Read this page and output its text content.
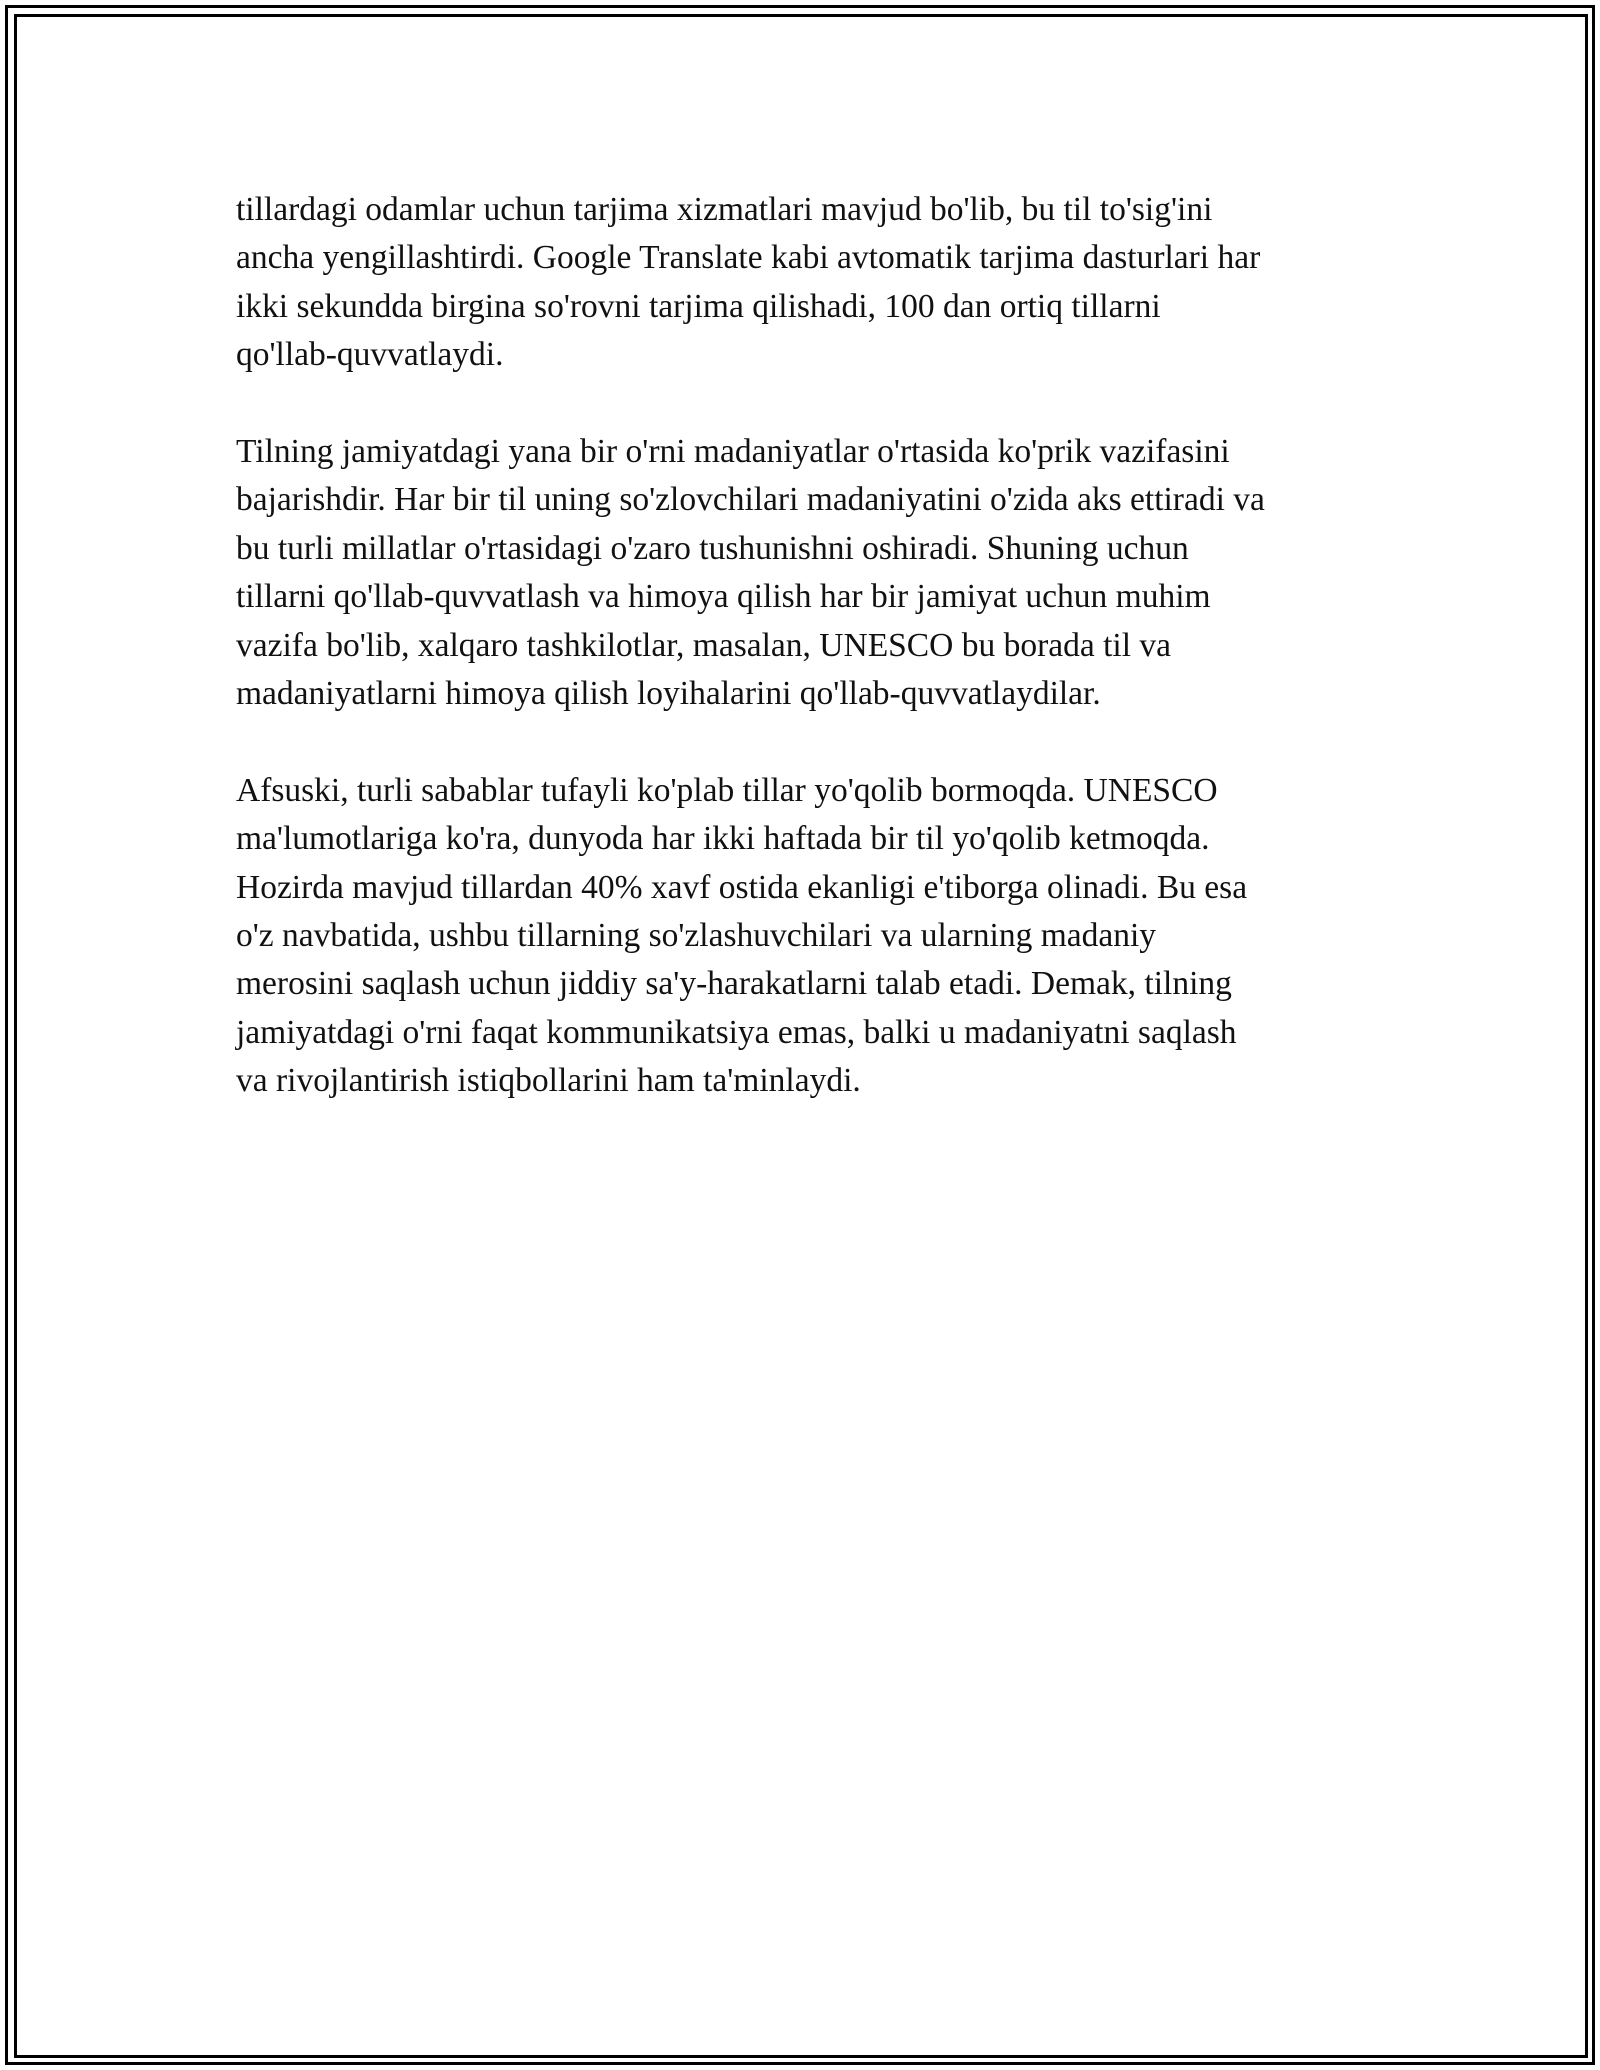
tillardagi odamlar uchun tarjima xizmatlari mavjud bo'lib, bu til to'sig'ini
ancha yengillashtirdi. Google Translate kabi avtomatik tarjima dasturlari har
ikki sekundda birgina so'rovni tarjima qilishadi, 100 dan ortiq tillarni
qo'llab-quvvatlaydi.

Tilning jamiyatdagi yana bir o'rni madaniyatlar o'rtasida ko'prik vazifasini
bajarishdir. Har bir til uning so'zlovchilari madaniyatini o'zida aks ettiradi va
bu turli millatlar o'rtasidagi o'zaro tushunishni oshiradi. Shuning uchun
tillarni qo'llab-quvvatlash va himoya qilish har bir jamiyat uchun muhim
vazifa bo'lib, xalqaro tashkilotlar, masalan, UNESCO bu borada til va
madaniyatlarni himoya qilish loyihalarini qo'llab-quvvatlaydilar.

Afsuski, turli sabablar tufayli ko'plab tillar yo'qolib bormoqda. UNESCO
ma'lumotlariga ko'ra, dunyoda har ikki haftada bir til yo'qolib ketmoqda.
Hozirda mavjud tillardan 40% xavf ostida ekanligi e'tiborga olinadi. Bu esa
o'z navbatida, ushbu tillarning so'zlashuvchilari va ularning madaniy
merosini saqlash uchun jiddiy sa'y-harakatlarni talab etadi. Demak, tilning
jamiyatdagi o'rni faqat kommunikatsiya emas, balki u madaniyatni saqlash
va rivojlantirish istiqbollarini ham ta'minlaydi.
